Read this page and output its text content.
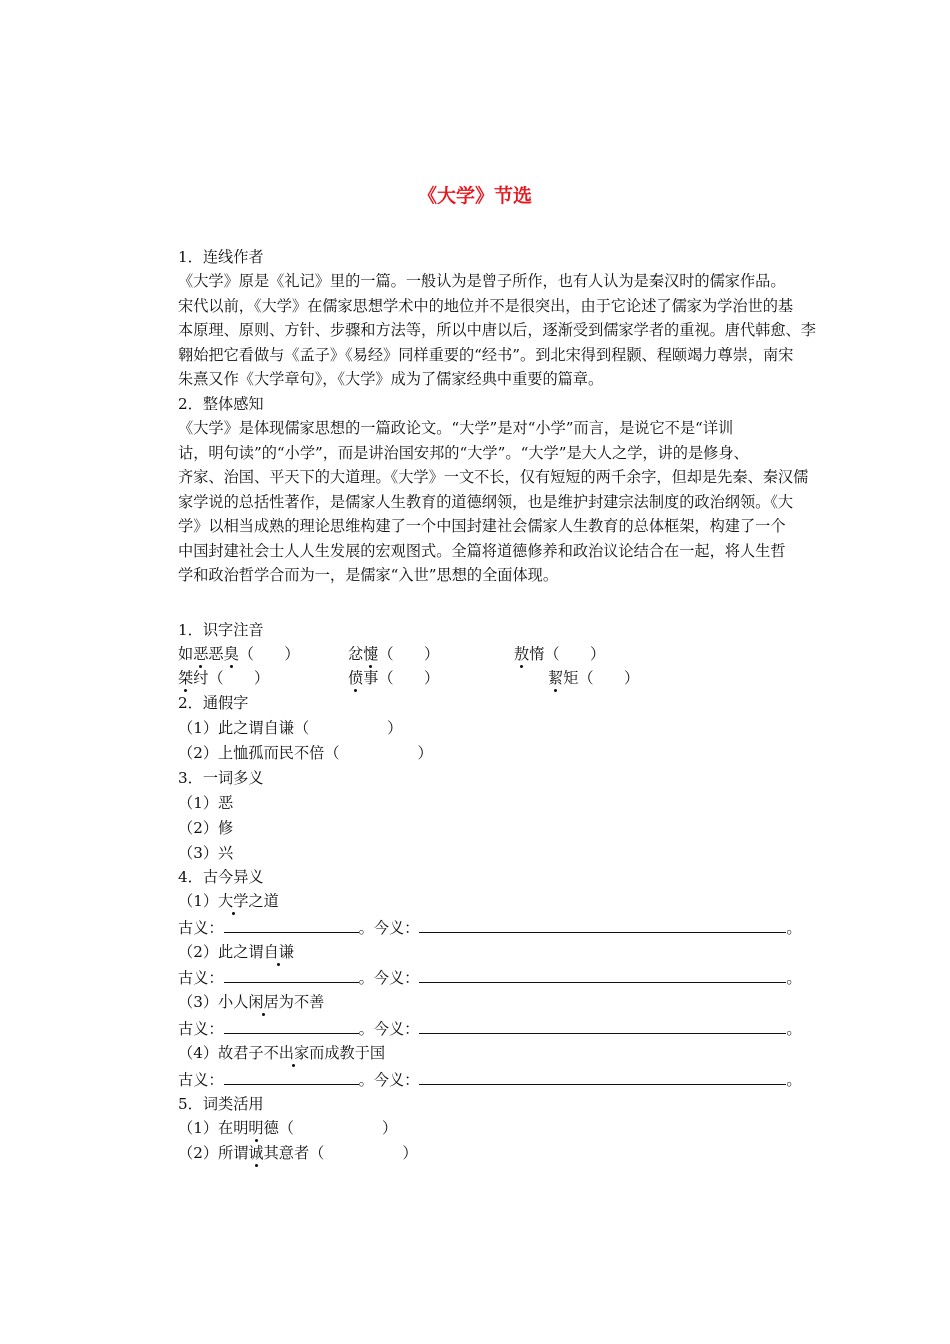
《大学》节选
1．连线作者
《大学》原是《礼记》里的一篇。一般认为是曾子所作，也有人认为是秦汉时的儒家作品。
宋代以前，《大学》在儒家思想学术中的地位并不是很突出，由于它论述了儒家为学治世的基
本原理、原则、方针、步骤和方法等，所以中唐以后，逐渐受到儒家学者的重视。唐代韩愈、李
翱始把它看做与《孟子》《易经》同样重要的“经书”。到北宋得到程颢、程颐竭力尊崇，南宋
朱熹又作《大学章句》，《大学》成为了儒家经典中重要的篇章。
2．整体感知
《大学》是体现儒家思想的一篇政论文。“大学”是对“小学”而言，是说它不是“详训
诂，明句读”的“小学”，而是讲治国安邦的“大学”。“大学”是大人之学，讲的是修身、
齐家、治国、平天下的大道理。《大学》一文不长，仅有短短的两千余字，但却是先秦、秦汉儒
家学说的总括性著作，是儒家人生教育的道德纲领，也是维护封建宗法制度的政治纲领。《大
学》以相当成熟的理论思维构建了一个中国封建社会儒家人生教育的总体框架，构建了一个
中国封建社会士人人生发展的宏观图式。全篇将道德修养和政治议论结合在一起，将人生哲
学和政治哲学合而为一，是儒家“入世”思想的全面体现。
1．识字注音
如恶恶臭（　　）	忿懥（　　）	敖惰（　　）
桀纣（　　）	偾事（　　）	絜矩（　　）
2．通假字
（1）此之谓自谦（	）
（2）上恤孤而民不倍（	）
3．一词多义
（1）恶
（2）修
（3）兴
4．古今异义
（1）大学之道
古义：	。今义：	。
（2）此之谓自谦
古义：	。今义：	。
（3）小人闲居为不善
古义：	。今义：	。
（4）故君子不出家而成教于国
古义：	。今义：	。
5．词类活用
（1）在明明德（	）
（2）所谓诚其意者（	）
